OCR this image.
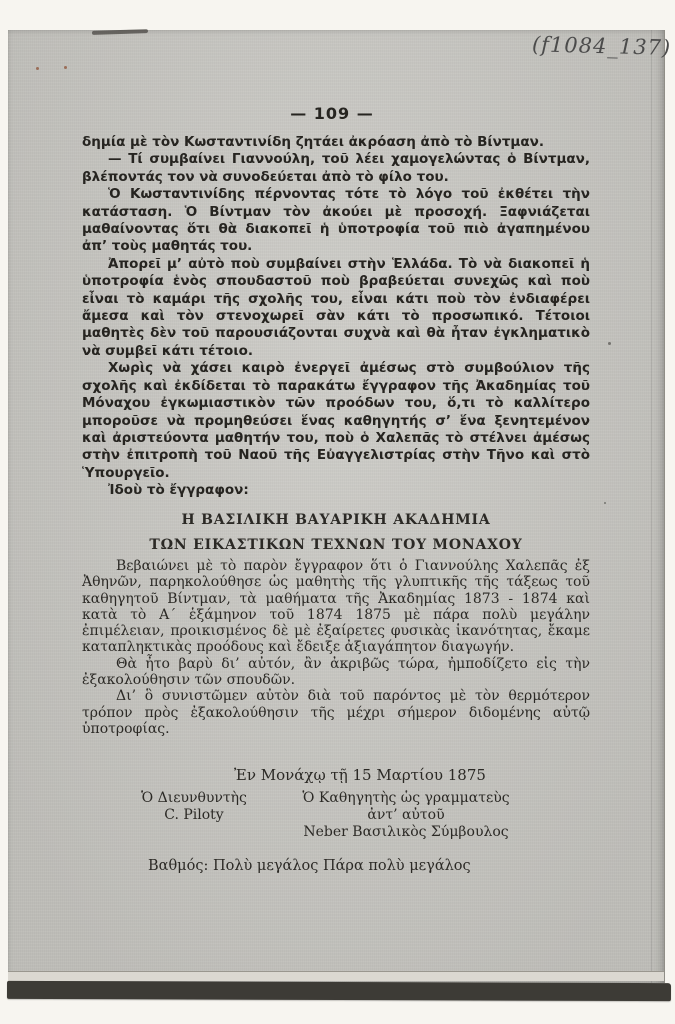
(f1084_137)
— 109 —

δημία μὲ τὸν Κωσταντινίδη ζητάει ἀκρόαση ἀπὸ τὸ Βίντμαν.

— Τί συμβαίνει Γιαννούλη, τοῦ λέει χαμογελώντας ὁ Βίντμαν, βλέποντάς τον νὰ συνοδεύεται ἀπὸ τὸ φίλο του.

Ὁ Κωσταντινίδης πέρνοντας τότε τὸ λόγο τοῦ ἐκθέτει τὴν κατάσταση. Ὁ Βίντμαν τὸν ἀκούει μὲ προσοχή. Ξαφνιάζεται μαθαίνοντας ὅτι θὰ διακοπεῖ ἡ ὑποτροφία τοῦ πιὸ ἀγαπημένου ἀπ’ τοὺς μαθητάς του.

Ἀπορεῖ μ’ αὐτὸ ποὺ συμβαίνει στὴν Ἑλλάδα. Τὸ νὰ διακοπεῖ ἡ ὑποτροφία ἑνὸς σπουδαστοῦ ποὺ βραβεύεται συνεχῶς καὶ ποὺ εἶναι τὸ καμάρι τῆς σχολῆς του, εἶναι κάτι ποὺ τὸν ἐνδιαφέρει ἄμεσα καὶ τὸν στενοχωρεῖ σὰν κάτι τὸ προσωπικό. Τέτοιοι μαθητὲς δὲν τοῦ παρουσιάζονται συχνὰ καὶ θὰ ἦταν ἐγκληματικὸ νὰ συμβεῖ κάτι τέτοιο.

Χωρὶς νὰ χάσει καιρὸ ἐνεργεῖ ἀμέσως στὸ συμβούλιον τῆς σχολῆς καὶ ἐκδίδεται τὸ παρακάτω ἔγγραφον τῆς Ἀκαδημίας τοῦ Μόναχου ἐγκωμιαστικὸν τῶν προόδων του, ὅ,τι τὸ καλλίτερο μποροῦσε νὰ προμηθεύσει ἕνας καθηγητής σ’ ἕνα ξενητεμένον καὶ ἀριστεύοντα μαθητήν του, ποὺ ὁ Χαλεπᾶς τὸ στέλνει ἀμέσως στὴν ἐπιτροπὴ τοῦ Ναοῦ τῆς Εὐαγγελιστρίας στὴν Τῆνο καὶ στὸ Ὑπουργεῖο.

Ἰδοὺ τὸ ἔγγραφον:

Η ΒΑΣΙΛΙΚΗ ΒΑΥΑΡΙΚΗ ΑΚΑΔΗΜΙΑ

ΤΩΝ ΕΙΚΑΣΤΙΚΩΝ ΤΕΧΝΩΝ ΤΟΥ ΜΟΝΑΧΟΥ

Βεβαιώνει μὲ τὸ παρὸν ἔγγραφον ὅτι ὁ Γιαννούλης Χαλεπᾶς ἐξ Ἀθηνῶν, παρηκολούθησε ὡς μαθητὴς τῆς γλυπτικῆς τῆς τάξεως τοῦ καθηγητοῦ Βίντμαν, τὰ μαθήματα τῆς Ἀκαδημίας 1873 - 1874 καὶ κατὰ τὸ Α´ ἑξάμηνον τοῦ 1874 1875 μὲ πάρα πολὺ μεγάλην ἐπιμέλειαν, προικισμένος δὲ μὲ ἐξαίρετες φυσικὰς ἱκανότητας, ἔκαμε καταπληκτικὰς προόδους καὶ ἔδειξε ἀξιαγάπητον διαγωγήν.

Θὰ ἦτο βαρὺ δι’ αὐτόν, ἂν ἀκριβῶς τώρα, ἠμποδίζετο εἰς τὴν ἐξακολούθησιν τῶν σπουδῶν.

Δι’ ὃ συνιστῶμεν αὐτὸν διὰ τοῦ παρόντος μὲ τὸν θερμότερον τρόπον πρὸς ἐξακολούθησιν τῆς μέχρι σήμερον διδομένης αὐτῷ ὑποτροφίας.

Ἐν Μονάχῳ τῇ 15 Μαρτίου 1875
Ὁ Διευνθυντὴς
C. Piloty
Ὁ Καθηγητὴς ὡς γραμματεὺς
ἀντ’ αὐτοῦ
Neber Βασιλικὸς Σύμβουλος
Βαθμός: Πολὺ μεγάλος Πάρα πολὺ μεγάλος
